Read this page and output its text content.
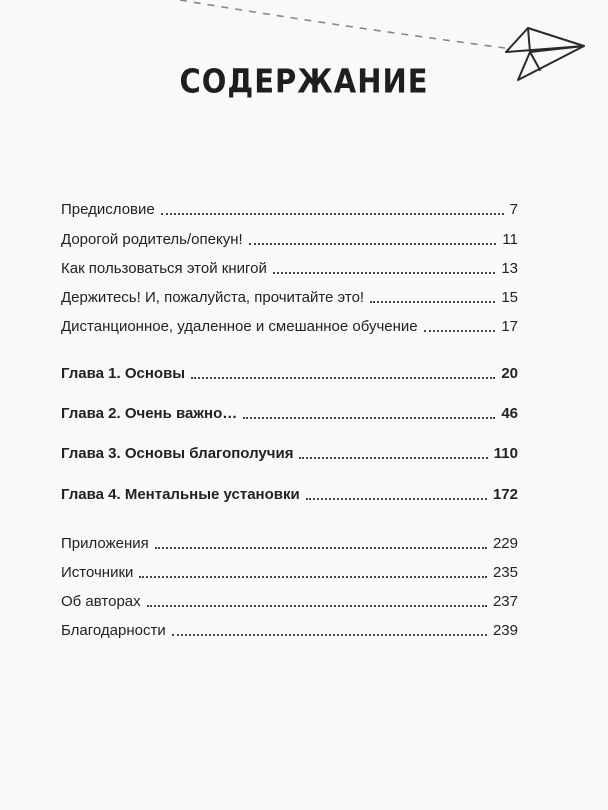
СОДЕРЖАНИЕ
Предисловие	7
Дорогой родитель/опекун!	11
Как пользоваться этой книгой	13
Держитесь! И, пожалуйста, прочитайте это!	15
Дистанционное, удаленное и смешанное обучение	17
Глава 1. Основы	20
Глава 2. Очень важно…	46
Глава 3. Основы благополучия	110
Глава 4. Ментальные установки	172
Приложения	229
Источники	235
Об авторах	237
Благодарности	239
